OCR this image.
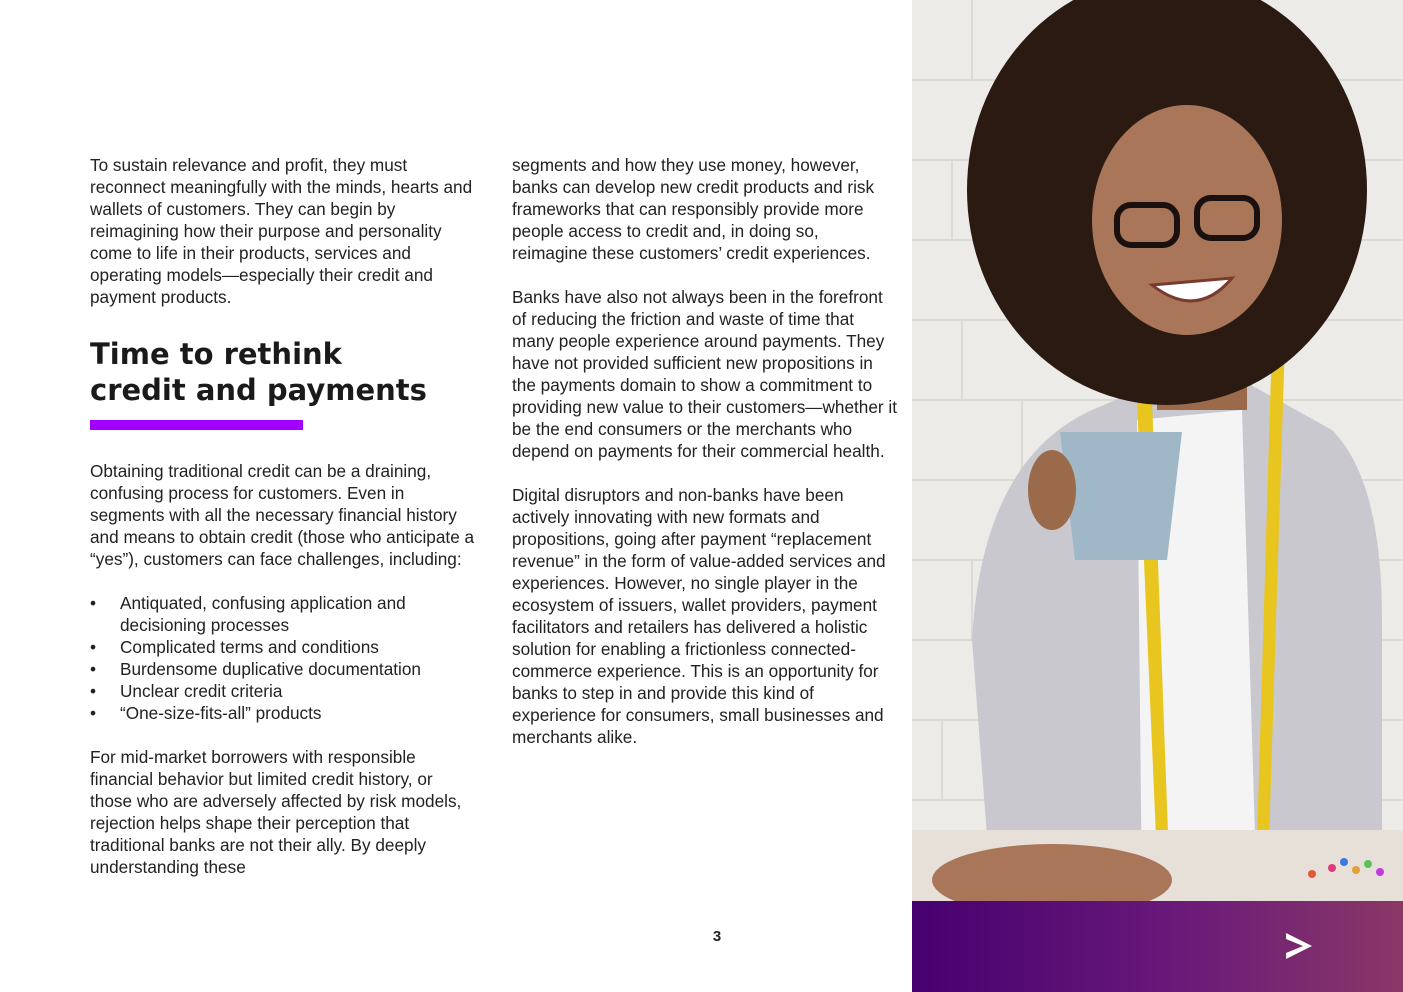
To sustain relevance and profit, they must reconnect meaningfully with the minds, hearts and wallets of customers. They can begin by reimagining how their purpose and personality come to life in their products, services and operating models—especially their credit and payment products.

Time to rethink
credit and payments

Obtaining traditional credit can be a draining, confusing process for customers. Even in segments with all the necessary financial history and means to obtain credit (those who anticipate a “yes”), customers can face challenges, including:

• Antiquated, confusing application and decisioning processes
• Complicated terms and conditions
• Burdensome duplicative documentation
• Unclear credit criteria
• “One-size-fits-all” products

For mid-market borrowers with responsible financial behavior but limited credit history, or those who are adversely affected by risk models, rejection helps shape their perception that traditional banks are not their ally. By deeply understanding these

segments and how they use money, however, banks can develop new credit products and risk frameworks that can responsibly provide more people access to credit and, in doing so, reimagine these customers’ credit experiences.

Banks have also not always been in the forefront of reducing the friction and waste of time that many people experience around payments. They have not provided sufficient new propositions in the payments domain to show a commitment to providing new value to their customers—whether it be the end consumers or the merchants who depend on payments for their commercial health.

Digital disruptors and non-banks have been actively innovating with new formats and propositions, going after payment “replacement revenue” in the form of value-added services and experiences. However, no single player in the ecosystem of issuers, wallet providers, payment facilitators and retailers has delivered a holistic solution for enabling a frictionless connected-commerce experience. This is an opportunity for banks to step in and provide this kind of experience for consumers, small businesses and merchants alike.

3
